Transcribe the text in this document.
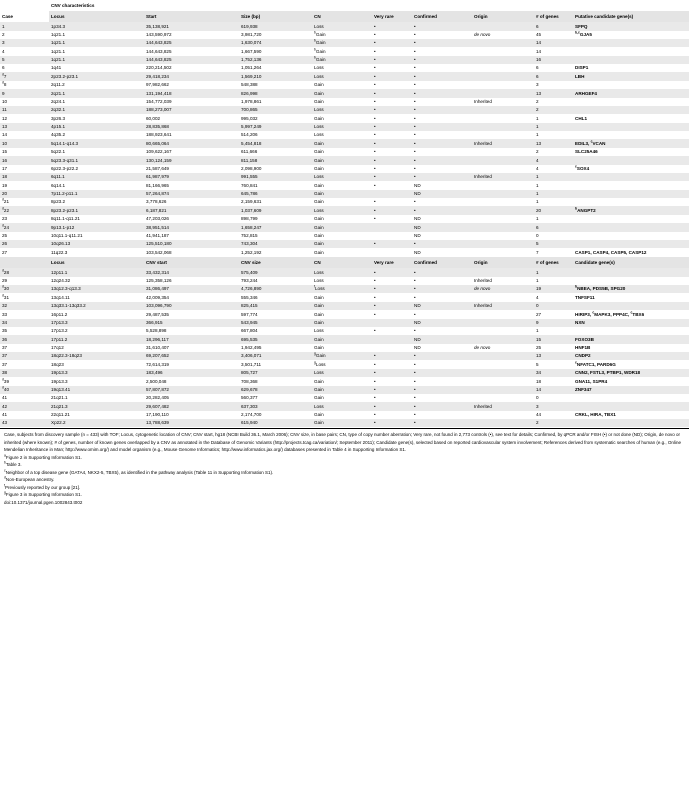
Case	CNV characteristics								
	Locus	Start	Size (bp)	CN	Very rare	Confirmed	Origin	# of genes	Putative candidate gene(s)
1	1p34.3	35,138,921	619,938	Loss	•	•		6	SFPQ
2	1q21.1	143,590,972	3,981,720	$^b$Gain	•	•	de novo	45	$^{b,c}$GJA5
3	1q21.1	144,643,825	1,630,074	$^b$Gain	•	•		14	
4	1q21.1	144,643,825	1,667,590	$^b$Gain	•	•		14	
5	1q21.1	144,643,825	1,752,136	$^b$Gain	•	•		16	
6	1q41	220,214,502	1,051,264	Loss	•	•		6	DISP1
$^d$7	2p23.2-p23.1	29,418,234	1,569,210	Loss	•	•		6	LBH
$^d$8	2q11.2	97,982,662	548,388	Gain	•	•		3	
9	2q21.1	131,194,418	826,998	Gain	•	•		13	ARHGEF4
10	2q24.1	154,772,039	1,978,861	Gain	•	•	Inherited	2	
11	2q32.1	188,273,007	700,865	Loss	•	•		2	
12	3p26.3	60,002	995,032	Gain	•	•		1	CHL1
13	4p15.1	28,835,868	5,997,249	Loss	•	•		1	
14	4q35.2	188,923,641	514,206	Loss	•	•		1	
10	5q14.1-q14.3	80,665,064	5,454,818	Gain	•	•	Inherited	13	EDIL3, $^c$VCAN
15	5q22.1	109,622,167	611,666	Gain	•	•		2	SLC25A46
16	5q23.3-q31.1	130,124,159	811,158	Gain	•	•		4	
17	6p22.3-p22.2	21,587,649	2,098,900	Gain	•	•		4	$^c$SOX4
18	6q11.1	61,987,979	991,555	Loss	•	•	Inherited	1	
19	6q14.1	81,166,965	760,841	Gain	•	ND		1	
20	7p11.2-p11.1	57,264,874	645,786	Gain		ND		1	
$^d$21	8p23.2	3,778,626	2,159,631	Gain	•	•		1	
$^d$22	8p23.2-p23.1	6,187,821	1,037,609	Loss	•	•		20	$^b$ANGPT2
23	8q11.1-q11.21	47,203,026	898,799	Gain	•	ND		1	
$^d$24	9p13.1-p12	38,951,514	1,658,247	Gain		ND		6	
25	10q11.1-q11.21	41,941,187	752,815	Gain		ND		0	
26	10q26.13	125,510,180	743,304	Gain	•	•		5	
27	11q22.3	103,542,068	1,252,192	Gain		ND		7	CASP1, CASP4, CASP5, CASP12
	Locus	CNV start	CNV size	CN	Very rare	Confirmed	Origin	# of genes	Candidate gene(s)
$^d$28	12p11.1	33,432,314	575,409	Loss	•	•		1	
29	12q24.32	125,358,126	793,244	Loss	•	•	Inherited	1	
$^d$30	13q12.3-q13.3	31,086,497	4,726,890	$^f$Loss	•	•	de novo	19	$^b$NBEA, PDS5B, SPG20
$^d$31	13q14.11	42,009,354	555,346	Gain	•	•		4	TNFSF11
32	13q33.1-13q33.2	103,096,790	825,415	Gain	•	ND	Inherited	0	
33	16p11.2	29,487,535	597,774	Gain	•	•		27	HIRIP3, $^c$MAPK3, PPP4C, $^c$TBX6
34	17p13.3	366,915	543,945	Gain		ND		9	NXN
35	17p13.2	5,528,898	667,804	Loss	•	•		1	
36	17p11.2	18,296,117	695,535	Gain		ND		15	FOXO3B
37	17q12	31,610,407	1,942,495	Gain		ND	de novo	25	HNF1B
37	18q22.3-18q23	69,207,652	3,406,071	$^g$Gain	•	•		13	CNDP2
37	18q23	72,614,319	3,501,711	$^g$Loss	•	•		5	$^c$NFATC1, PARD6G
38	19p13.3	183,496	805,727	Loss	•	•		34	CNN2, FSTL3, PTBP1, WDR18
$^d$39	19p13.3	2,500,048	708,368	Gain	•	•		18	GNA11, S1PR4
$^d$40	19q13.41	57,807,872	629,678	Gain	•	•		14	ZNF347
41	21q21.1	20,282,405	560,377	Gain	•	•		0	
42	21q21.3	29,607,482	637,303	Loss	•	•	Inherited	3	
41	22q11.21	17,190,110	2,174,700	Gain	•	•		44	CRKL, HIRA, TBX1
43	Xp22.2	13,788,639	615,940	Gain	•	•		2	
Case, subjects from discovery sample (n = 433) with TOF; Locus, cytogenetic location of CNV; CNV start, hg18 (NCBI Build 36.1, March 2006); CNV size, in base pairs; CN, type of copy number aberration; Very rare, not found in 2,773 controls (•), see text for details; Confirmed, by qPCR and/or FISH (•) or not done (ND); Origin, de novo or inherited (where known); # of genes, number of known genes overlapped by a CNV as annotated in the Database of Genomic Variants (http://projects.tcag.ca/variation/; September 2011); Candidate gene(s), selected based on reported cardiovascular system involvement; References derived from systematic searches of human (e.g., Online Mendelian Inheritance in Man; http://www.omim.org/) and model organism (e.g., Mouse Genome Informatics; http://www.informatics.jax.org/) databases presented in Table 4 in Supporting Information S1.
$^a$Figure 2 in Supporting Information S1.
$^b$Table 3.
$^c$Neighbor of a top disease gene (GATA4, NKX2-5, TBX5), as identified in the pathway analysis (Table 11 in Supporting Information S1).
$^d$Non-European ancestry.
$^f$Previously reported by our group [21].
$^g$Figure 3 in Supporting Information S1.
doi:10.1371/journal.pgen.1002843.t002
